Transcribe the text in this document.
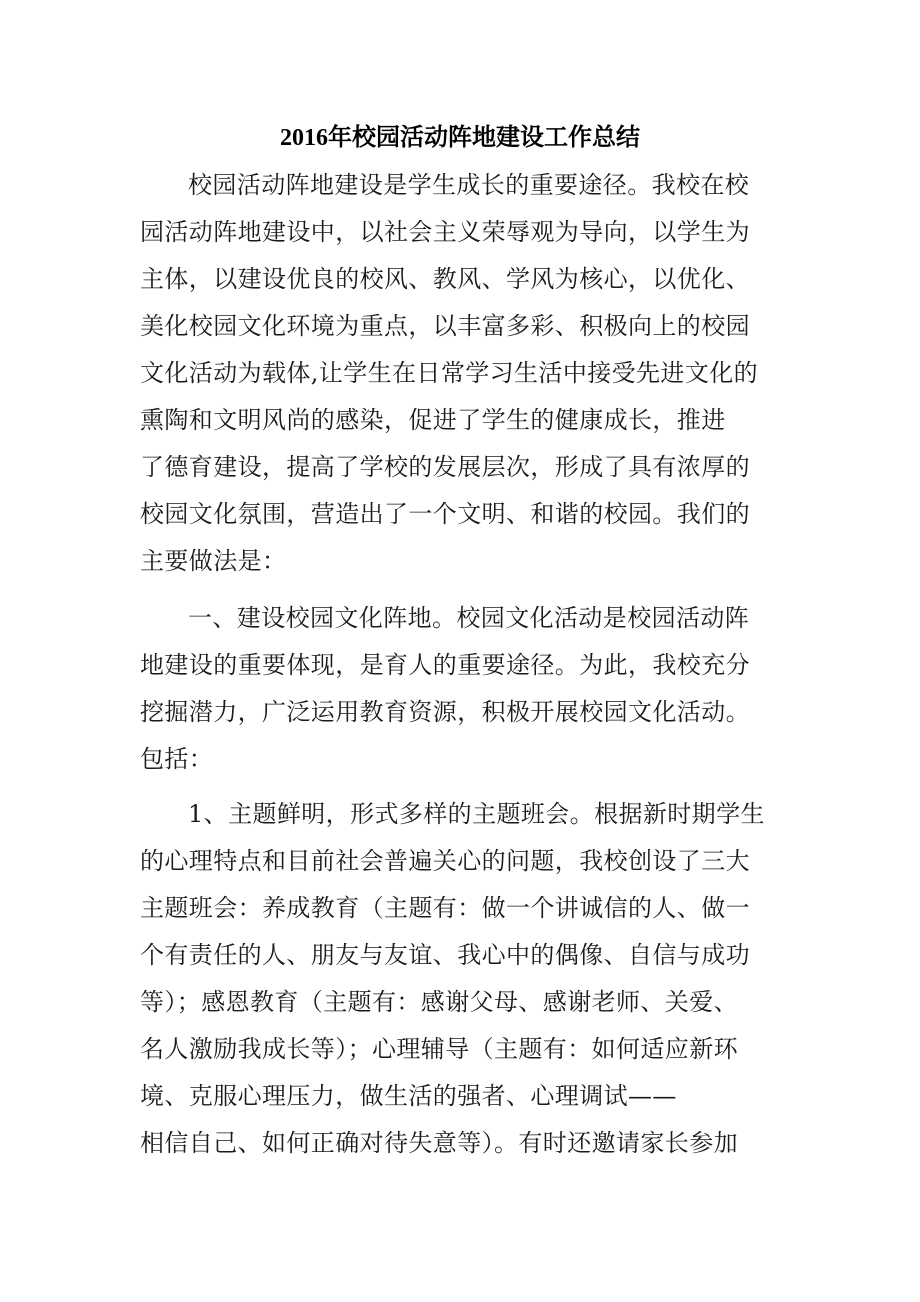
2016年校园活动阵地建设工作总结
校园活动阵地建设是学生成长的重要途径。我校在校
园活动阵地建设中，以社会主义荣辱观为导向，以学生为
主体，以建设优良的校风、教风、学风为核心，以优化、
美化校园文化环境为重点，以丰富多彩、积极向上的校园
文化活动为载体,让学生在日常学习生活中接受先进文化的
熏陶和文明风尚的感染，促进了学生的健康成长，推进
了德育建设，提高了学校的发展层次，形成了具有浓厚的
校园文化氛围，营造出了一个文明、和谐的校园。我们的
主要做法是：
一、建设校园文化阵地。校园文化活动是校园活动阵
地建设的重要体现，是育人的重要途径。为此，我校充分
挖掘潜力，广泛运用教育资源，积极开展校园文化活动。
包括：
1、主题鲜明，形式多样的主题班会。根据新时期学生
的心理特点和目前社会普遍关心的问题，我校创设了三大
主题班会：养成教育（主题有：做一个讲诚信的人、做一
个有责任的人、朋友与友谊、我心中的偶像、自信与成功
等）；感恩教育（主题有：感谢父母、感谢老师、关爱、
名人激励我成长等）；心理辅导（主题有：如何适应新环
境、克服心理压力，做生活的强者、心理调试——
相信自己、如何正确对待失意等）。有时还邀请家长参加
